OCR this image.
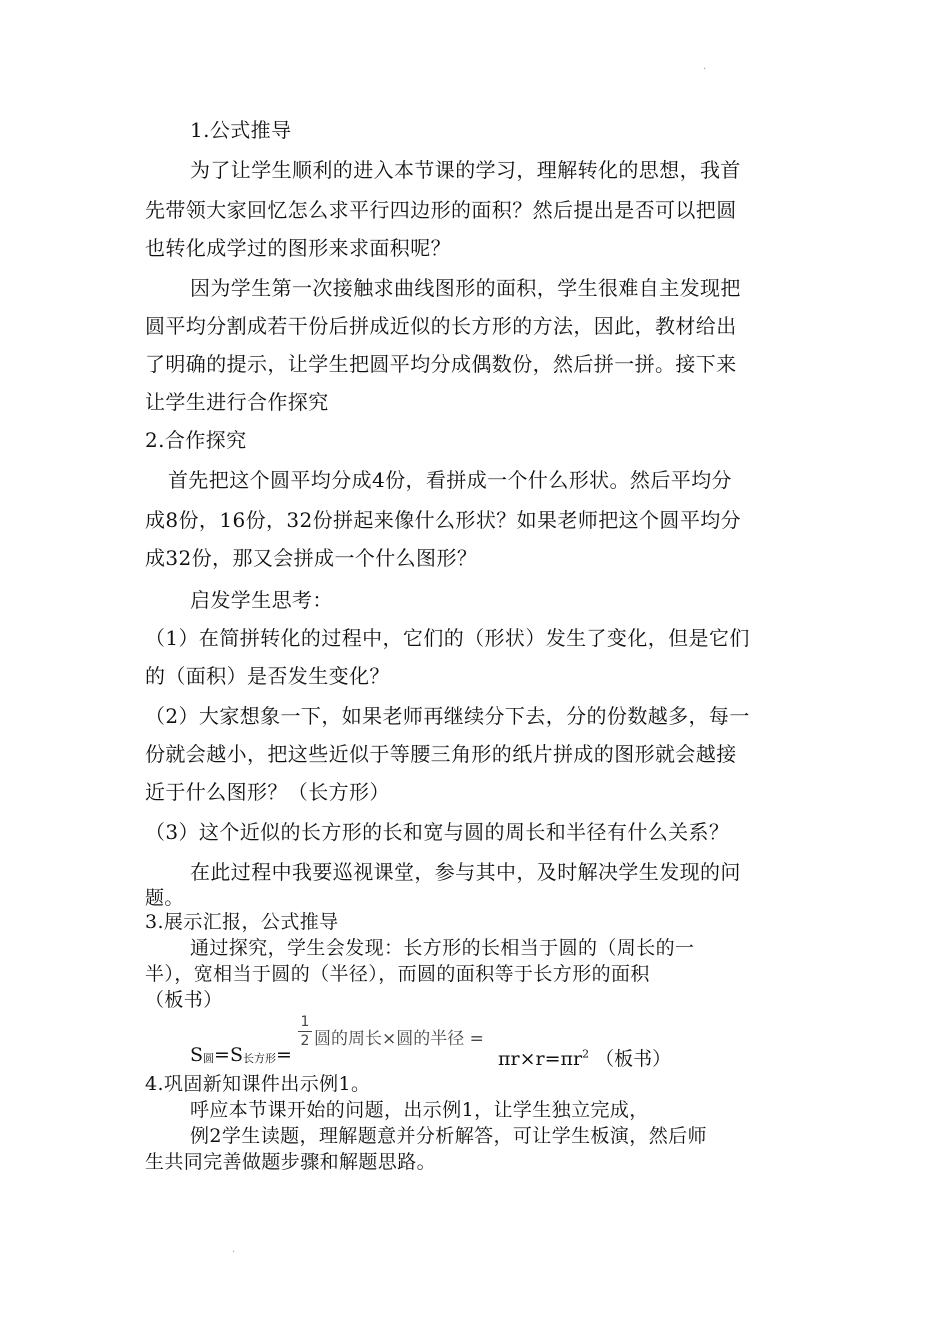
·
1.公式推导
为了让学生顺利的进入本节课的学习，理解转化的思想，我首
先带领大家回忆怎么求平行四边形的面积？然后提出是否可以把圆
也转化成学过的图形来求面积呢？
因为学生第一次接触求曲线图形的面积，学生很难自主发现把
圆平均分割成若干份后拼成近似的长方形的方法，因此，教材给出
了明确的提示，让学生把圆平均分成偶数份，然后拼一拼。接下来
让学生进行合作探究
2.合作探究
首先把这个圆平均分成4份，看拼成一个什么形状。然后平均分
成8份，16份，32份拼起来像什么形状？如果老师把这个圆平均分
成32份，那又会拼成一个什么图形？
启发学生思考：
（1）在简拼转化的过程中，它们的（形状）发生了变化，但是它们
的（面积）是否发生变化？
（2）大家想象一下，如果老师再继续分下去，分的份数越多，每一
份就会越小，把这些近似于等腰三角形的纸片拼成的图形就会越接
近于什么图形？（长方形）
（3）这个近似的长方形的长和宽与圆的周长和半径有什么关系？
在此过程中我要巡视课堂，参与其中，及时解决学生发现的问
题。
3.展示汇报，公式推导
通过探究，学生会发现：长方形的长相当于圆的（周长的一
半），宽相当于圆的（半径），而圆的面积等于长方形的面积
（板书）
$S_圆=S_{长方形}=$
1
2 圆的周长×圆的半径 =
$\pi r\times r=\pi r^2$ （板书）
4.巩固新知课件出示例1。
呼应本节课开始的问题，出示例1，让学生独立完成，
例2学生读题，理解题意并分析解答，可让学生板演，然后师
生共同完善做题步骤和解题思路。
·
